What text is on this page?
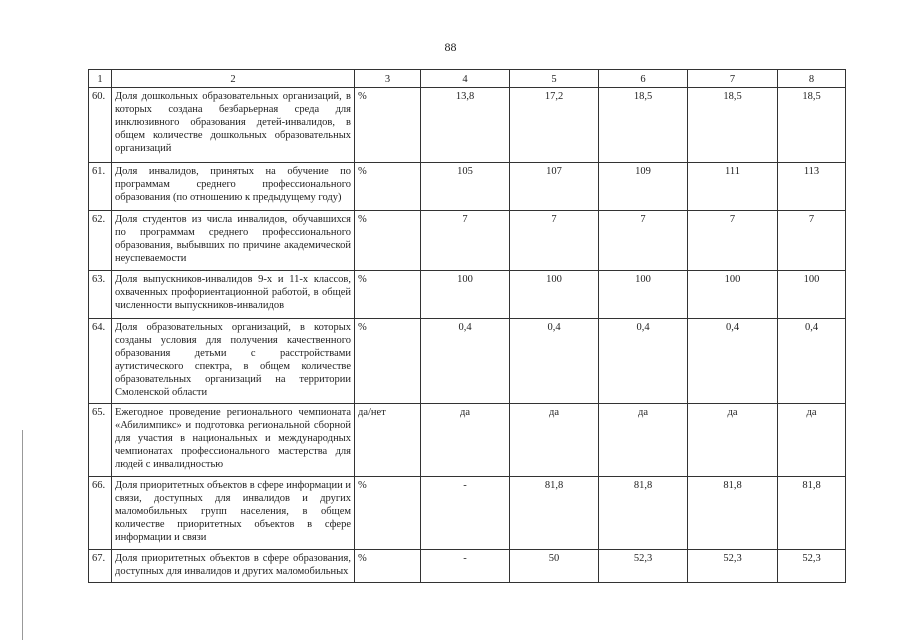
88
1	2	3	4	5	6	7	8
60.	Доля дошкольных образовательных организаций, в которых создана безбарьерная среда для инклюзивного образования детей-инвалидов, в общем количестве дошкольных образовательных организаций	%	13,8	17,2	18,5	18,5	18,5
61.	Доля инвалидов, принятых на обучение по программам среднего профессионального образования (по отношению к предыдущему году)	%	105	107	109	111	113
62.	Доля студентов из числа инвалидов, обучавшихся по программам среднего профессионального образования, выбывших по причине академической неуспеваемости	%	7	7	7	7	7
63.	Доля выпускников-инвалидов 9-х и 11-х классов, охваченных профориентационной работой, в общей численности выпускников-инвалидов	%	100	100	100	100	100
64.	Доля образовательных организаций, в которых созданы условия для получения качественного образования детьми с расстройствами аутистического спектра, в общем количестве образовательных организаций на территории Смоленской области	%	0,4	0,4	0,4	0,4	0,4
65.	Ежегодное проведение регионального чемпионата «Абилимпикс» и подготовка региональной сборной для участия в национальных и международных чемпионатах профессионального мастерства для людей с инвалидностью	да/нет	да	да	да	да	да
66.	Доля приоритетных объектов в сфере информации и связи, доступных для инвалидов и других маломобильных групп населения, в общем количестве приоритетных объектов в сфере информации и связи	%	-	81,8	81,8	81,8	81,8
67.	Доля приоритетных объектов в сфере образования, доступных для инвалидов и других маломобильных	%	-	50	52,3	52,3	52,3
